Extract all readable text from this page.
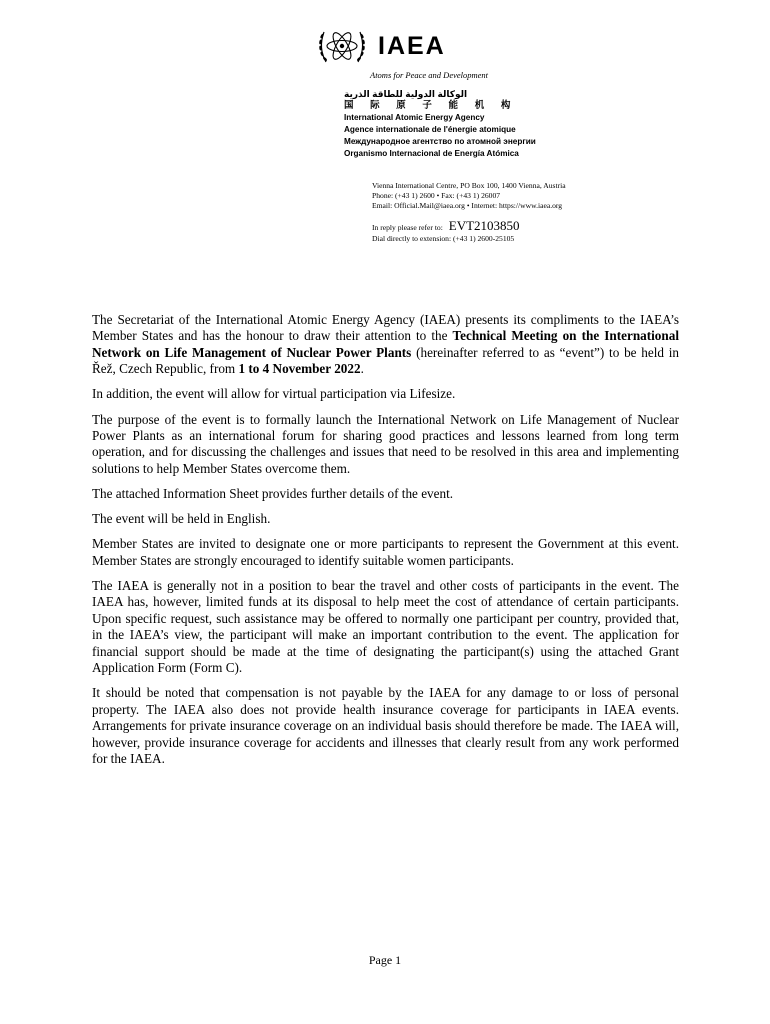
IAEA
Atoms for Peace and Development
الوكالة الدولية للطاقة الذرية
国 际 原 子 能 机 构
International Atomic Energy Agency
Agence internationale de l'énergie atomique
Международное агентство по атомной энергии
Organismo Internacional de Energía Atómica
Vienna International Centre, PO Box 100, 1400 Vienna, Austria
Phone: (+43 1) 2600 • Fax: (+43 1) 26007
Email: Official.Mail@iaea.org • Internet: https://www.iaea.org
In reply please refer to: EVT2103850
Dial directly to extension: (+43 1) 2600-25105

The Secretariat of the International Atomic Energy Agency (IAEA) presents its compliments to the IAEA’s Member States and has the honour to draw their attention to the Technical Meeting on the International Network on Life Management of Nuclear Power Plants (hereinafter referred to as “event”) to be held in Řež, Czech Republic, from 1 to 4 November 2022.

In addition, the event will allow for virtual participation via Lifesize.

The purpose of the event is to formally launch the International Network on Life Management of Nuclear Power Plants as an international forum for sharing good practices and lessons learned from long term operation, and for discussing the challenges and issues that need to be resolved in this area and implementing solutions to help Member States overcome them.

The attached Information Sheet provides further details of the event.

The event will be held in English.

Member States are invited to designate one or more participants to represent the Government at this event. Member States are strongly encouraged to identify suitable women participants.

The IAEA is generally not in a position to bear the travel and other costs of participants in the event. The IAEA has, however, limited funds at its disposal to help meet the cost of attendance of certain participants. Upon specific request, such assistance may be offered to normally one participant per country, provided that, in the IAEA’s view, the participant will make an important contribution to the event. The application for financial support should be made at the time of designating the participant(s) using the attached Grant Application Form (Form C).

It should be noted that compensation is not payable by the IAEA for any damage to or loss of personal property. The IAEA also does not provide health insurance coverage for participants in IAEA events. Arrangements for private insurance coverage on an individual basis should therefore be made. The IAEA will, however, provide insurance coverage for accidents and illnesses that clearly result from any work performed for the IAEA.

Page 1
